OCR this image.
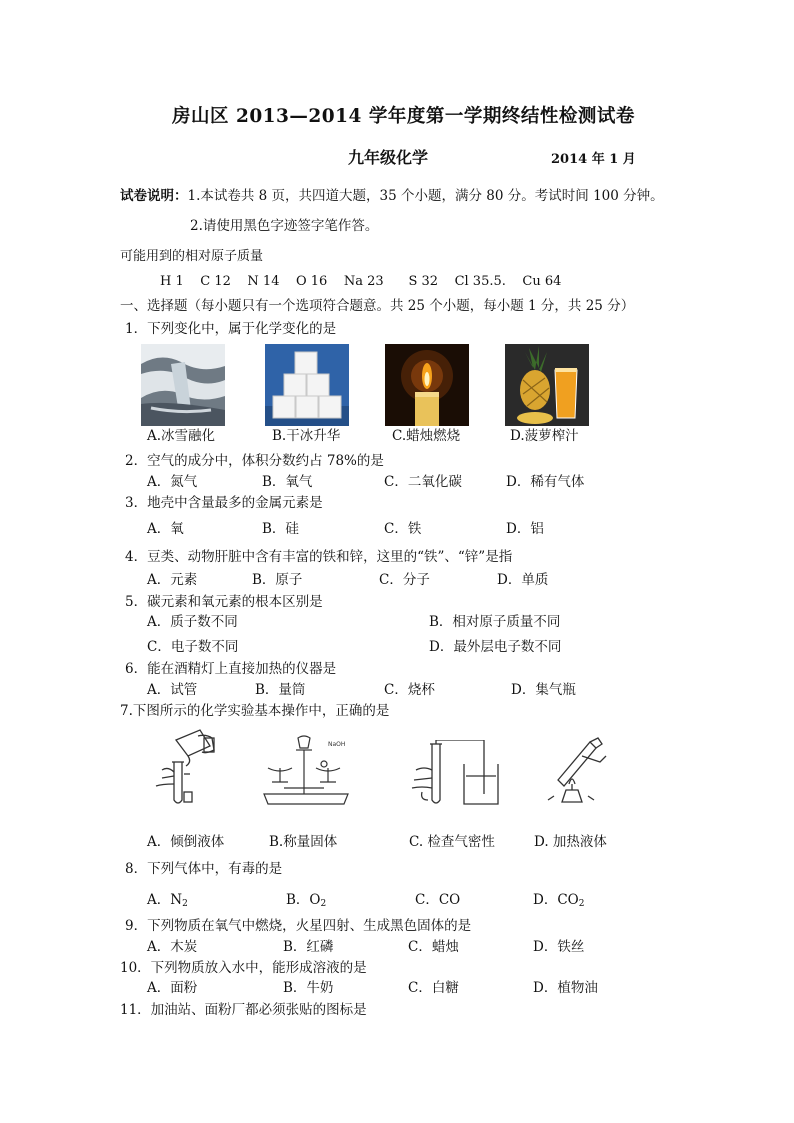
房山区 2013—2014 学年度第一学期终结性检测试卷
九年级化学	2014 年 1 月
试卷说明：1.本试卷共 8 页，共四道大题，35 个小题，满分 80 分。考试时间 100 分钟。
2.请使用黑色字迹签字笔作答。
可能用到的相对原子质量
H 1    C 12    N 14    O 16    Na 23      S 32    Cl 35.5.    Cu 64
一、选择题（每小题只有一个选项符合题意。共 25 个小题，每小题 1 分，共 25 分）
1．下列变化中，属于化学变化的是
A.冰雪融化	B.干冰升华	C.蜡烛燃烧	D.菠萝榨汁
2．空气的成分中，体积分数约占 78%的是
A．氮气	B．氧气	C．二氧化碳	D．稀有气体
3．地壳中含量最多的金属元素是
A．氧	B．硅	C．铁	D．铝
4．豆类、动物肝脏中含有丰富的铁和锌，这里的“铁”、“锌”是指
A．元素	B．原子	C．分子	D．单质
5．碳元素和氧元素的根本区别是
A．质子数不同	B．相对原子质量不同
C．电子数不同	D．最外层电子数不同
6．能在酒精灯上直接加热的仪器是
A．试管	B．量筒	C．烧杯	D．集气瓶
7.下图所示的化学实验基本操作中，正确的是
NaOH
A．倾倒液体	B.称量固体	C. 检查气密性	D. 加热液体
8．下列气体中，有毒的是
A．$N_2$	B．$O_2$	C．CO	D．$CO_2$
9．下列物质在氧气中燃烧，火星四射、生成黑色固体的是
A．木炭	B．红磷	C．蜡烛	D．铁丝
10．下列物质放入水中，能形成溶液的是
A．面粉	B．牛奶	C．白糖	D．植物油
11．加油站、面粉厂都必须张贴的图标是
